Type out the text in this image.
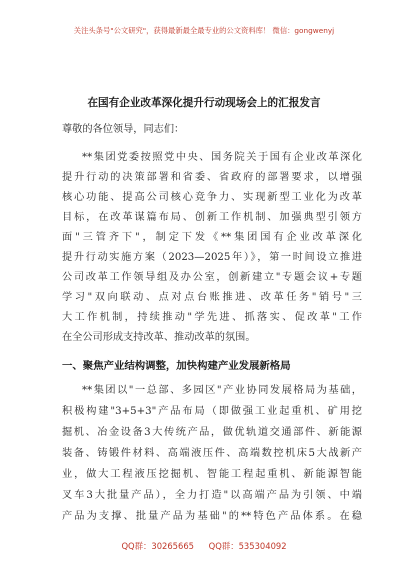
关注头条号"公文研究"，获得最新最全最专业的公文资料库！ 微信：gongwenyj
在国有企业改革深化提升行动现场会上的汇报发言
尊敬的各位领导，同志们：
**集团党委按照党中央、国务院关于国有企业改革深化
提升行动的决策部署和省委、省政府的部署要求，以增强
核心功能、提高公司核心竞争力、实现新型工业化为改革
目标，在改革谋篇布局、创新工作机制、加强典型引领方
面"三管齐下"，制定下发《**集团国有企业改革深化
提升行动实施方案（2023—2025年）》，第一时间设立推进
公司改革工作领导组及办公室，创新建立"专题会议+专题
学习"双向联动、点对点台账推进、改革任务"销号"三
大工作机制，持续推动"学先进、抓落实、促改革"工作
在全公司形成支持改革、推动改革的氛围。
一、聚焦产业结构调整，加快构建产业发展新格局
**集团以"一总部、多园区"产业协同发展格局为基础，
积极构建"3+5+3"产品布局（即做强工业起重机、矿用挖
掘机、冶金设备3大传统产品，做优轨道交通部件、新能源
装备、铸锻件材料、高端液压件、高端数控机床5大战新产
业，做大工程液压挖掘机、智能工程起重机、新能源智能
叉车3大批量产品），全力打造"以高端产品为引领、中端
产品为支撑、批量产品为基础"的**特色产品体系。在稳
QQ群：30265665 QQ群：535304092
